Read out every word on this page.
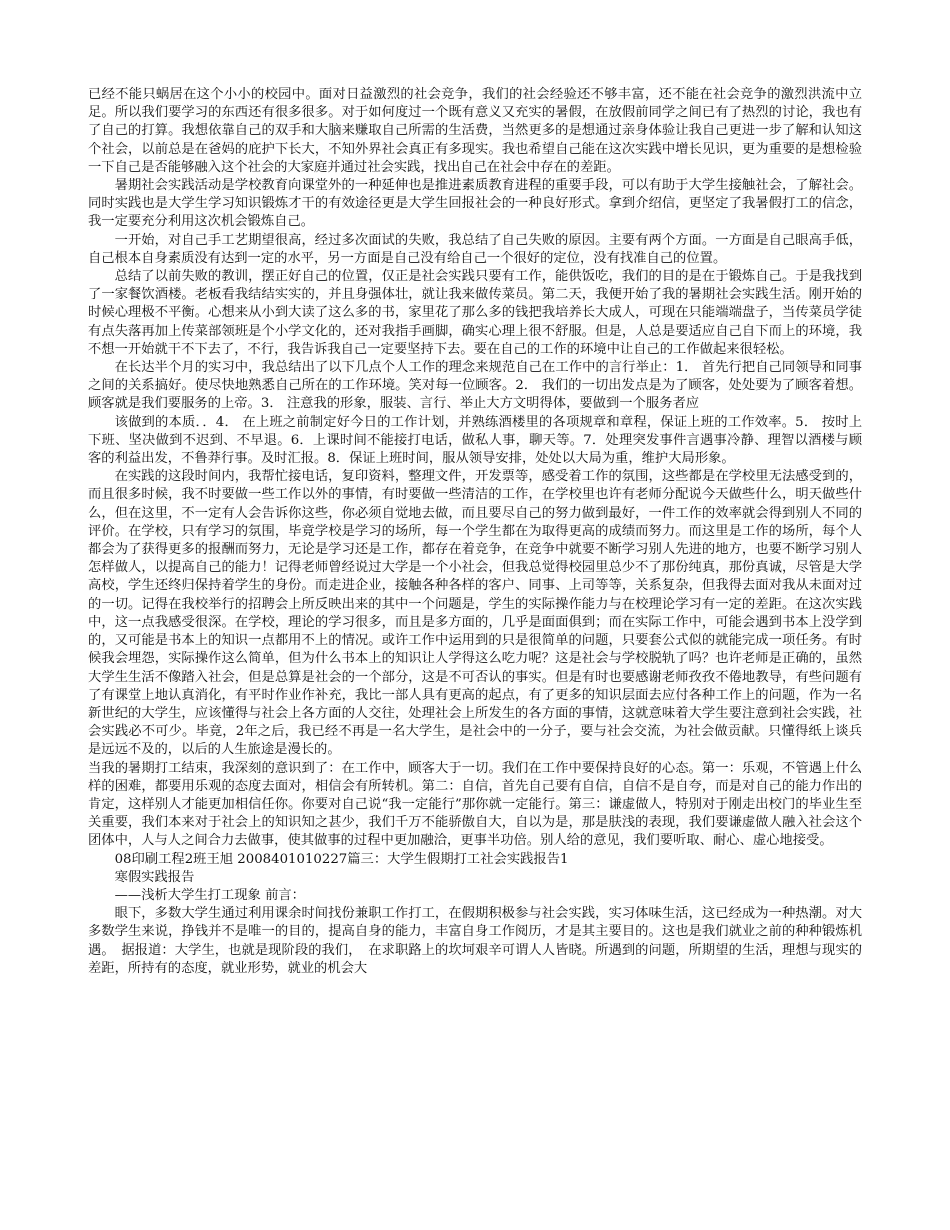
已经不能只蜗居在这个小小的校园中。面对日益激烈的社会竞争，我们的社会经验还不够丰富，还不能在社会竞争的激烈洪流中立足。所以我们要学习的东西还有很多很多。对于如何度过一个既有意义又充实的暑假，在放假前同学之间已有了热烈的讨论，我也有了自己的打算。我想依靠自己的双手和大脑来赚取自己所需的生活费，当然更多的是想通过亲身体验让我自己更进一步了解和认知这个社会，以前总是在爸妈的庇护下长大，不知外界社会真正有多现实。我也希望自己能在这次实践中增长见识，更为重要的是想检验一下自己是否能够融入这个社会的大家庭并通过社会实践，找出自己在社会中存在的差距。

暑期社会实践活动是学校教育向课堂外的一种延伸也是推进素质教育进程的重要手段，可以有助于大学生接触社会，了解社会。同时实践也是大学生学习知识锻炼才干的有效途径更是大学生回报社会的一种良好形式。拿到介绍信，更坚定了我暑假打工的信念，我一定要充分利用这次机会锻炼自己。

一开始，对自己手工艺期望很高，经过多次面试的失败，我总结了自己失败的原因。主要有两个方面。一方面是自己眼高手低，自己根本自身素质没有达到一定的水平，另一方面是自己没有给自己一个很好的定位，没有找准自己的位置。

总结了以前失败的教训，摆正好自己的位置，仅正是社会实践只要有工作，能供饭吃，我们的目的是在于锻炼自己。于是我找到了一家餐饮酒楼。老板看我结结实实的，并且身强体壮，就让我来做传菜员。第二天，我便开始了我的暑期社会实践生活。刚开始的时候心理极不平衡。心想来从小到大读了这么多的书，家里花了那么多的钱把我培养长大成人，可现在只能端端盘子，当传菜员学徒有点失落再加上传菜部领班是个小学文化的，还对我指手画脚，确实心理上很不舒服。但是，人总是要适应自己自下而上的环境，我不想一开始就干不下去了，不行，我告诉我自己一定要坚持下去。要在自己的工作的环境中让自己的工作做起来很轻松。

在长达半个月的实习中，我总结出了以下几点个人工作的理念来规范自己在工作中的言行举止：1． 首先行把自己同领导和同事之间的关系搞好。使尽快地熟悉自己所在的工作环境。笑对每一位顾客。2． 我们的一切出发点是为了顾客，处处要为了顾客着想。顾客就是我们要服务的上帝。3． 注意我的形象，服装、言行、举止大方文明得体，要做到一个服务者应

该做到的本质．．4． 在上班之前制定好今日的工作计划，并熟练酒楼里的各项规章和章程，保证上班的工作效率。5． 按时上下班、坚决做到不迟到、不早退。6．上课时间不能接打电话，做私人事，聊天等。7．处理突发事件言遇事冷静、理智以酒楼与顾客的利益出发，不鲁莽行事。及时汇报。8．保证上班时间，服从领导安排，处处以大局为重，维护大局形象。

在实践的这段时间内，我帮忙接电话，复印资料，整理文件，开发票等，感受着工作的氛围，这些都是在学校里无法感受到的，而且很多时候，我不时要做一些工作以外的事情，有时要做一些清洁的工作，在学校里也许有老师分配说今天做些什么，明天做些什么，但在这里，不一定有人会告诉你这些，你必须自觉地去做，而且要尽自己的努力做到最好，一件工作的效率就会得到别人不同的评价。在学校，只有学习的氛围，毕竟学校是学习的场所，每一个学生都在为取得更高的成绩而努力。而这里是工作的场所，每个人都会为了获得更多的报酬而努力，无论是学习还是工作，都存在着竞争，在竞争中就要不断学习别人先进的地方，也要不断学习别人怎样做人，以提高自己的能力！记得老师曾经说过大学是一个小社会，但我总觉得校园里总少不了那份纯真，那份真诚，尽管是大学高校，学生还终归保持着学生的身份。而走进企业，接触各种各样的客户、同事、上司等等，关系复杂，但我得去面对我从未面对过的一切。记得在我校举行的招聘会上所反映出来的其中一个问题是，学生的实际操作能力与在校理论学习有一定的差距。在这次实践中，这一点我感受很深。在学校，理论的学习很多，而且是多方面的，几乎是面面俱到；而在实际工作中，可能会遇到书本上没学到的，又可能是书本上的知识一点都用不上的情况。或许工作中运用到的只是很简单的问题，只要套公式似的就能完成一项任务。有时候我会埋怨，实际操作这么简单，但为什么书本上的知识让人学得这么吃力呢？这是社会与学校脱轨了吗？也许老师是正确的，虽然大学生生活不像踏入社会，但是总算是社会的一个部分，这是不可否认的事实。但是有时也要感谢老师孜孜不倦地教导，有些问题有了有课堂上地认真消化，有平时作业作补充，我比一部人具有更高的起点，有了更多的知识层面去应付各种工作上的问题，作为一名新世纪的大学生，应该懂得与社会上各方面的人交往，处理社会上所发生的各方面的事情，这就意味着大学生要注意到社会实践，社会实践必不可少。毕竟，2年之后，我已经不再是一名大学生，是社会中的一分子，要与社会交流，为社会做贡献。只懂得纸上谈兵是远远不及的，以后的人生旅途是漫长的。

当我的暑期打工结束，我深刻的意识到了：在工作中，顾客大于一切。我们在工作中要保持良好的心态。第一：乐观，不管遇上什么样的困难，都要用乐观的态度去面对，相信会有所转机。第二：自信，首先自己要有自信，自信不是自夸，而是对自己的能力作出的肯定，这样别人才能更加相信任你。你要对自己说“我一定能行”那你就一定能行。第三：谦虚做人，特别对于刚走出校门的毕业生至关重要，我们本来对于社会上的知识知之甚少，我们千万不能骄傲自大，自以为是，那是肤浅的表现，我们要谦虚做人融入社会这个团体中，人与人之间合力去做事，使其做事的过程中更加融洽，更事半功倍。别人给的意见，我们要听取、耐心、虚心地接受。

08印刷工程2班王旭 2008401010227篇三：大学生假期打工社会实践报告1

寒假实践报告

——浅析大学生打工现象 前言：

眼下，多数大学生通过利用课余时间找份兼职工作打工，在假期积极参与社会实践，实习体味生活，这已经成为一种热潮。对大多数学生来说，挣钱并不是唯一的目的，提高自身的能力，丰富自身工作阅历，才是其主要目的。这也是我们就业之前的种种锻炼机遇。　据报道：大学生，也就是现阶段的我们，　在求职路上的坎坷艰辛可谓人人皆晓。所遇到的问题，所期望的生活，理想与现实的差距，所持有的态度，就业形势，就业的机会大
